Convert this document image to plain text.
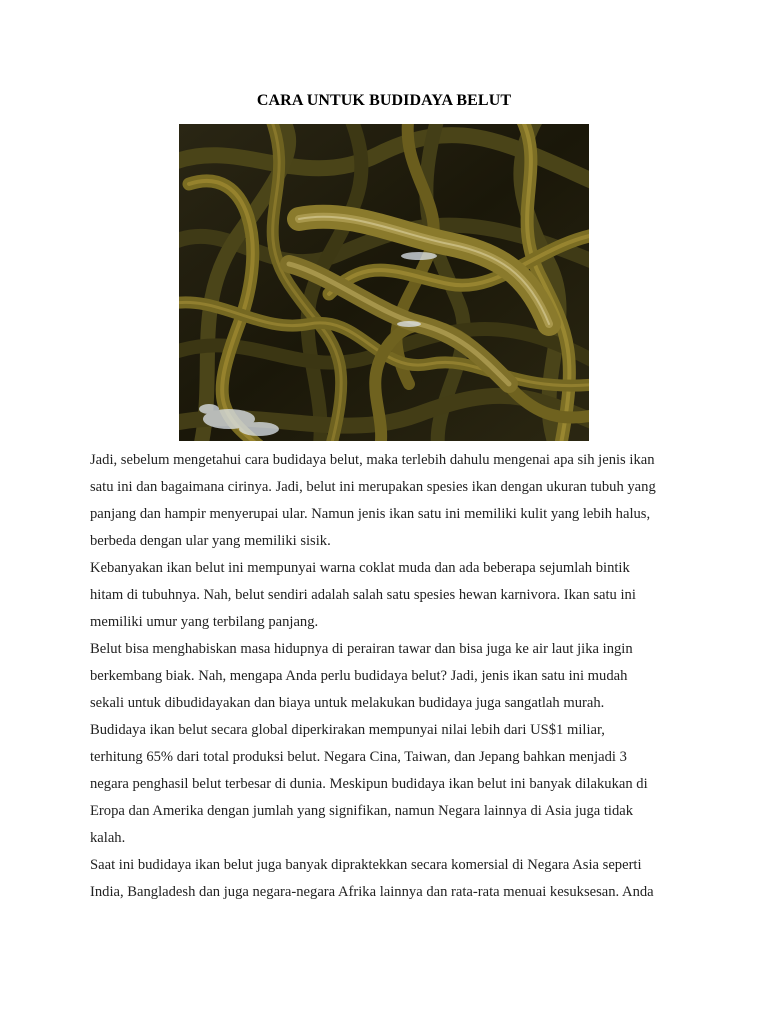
CARA UNTUK BUDIDAYA BELUT
Jadi, sebelum mengetahui cara budidaya belut, maka terlebih dahulu mengenai apa sih jenis ikan
satu ini dan bagaimana cirinya. Jadi, belut ini merupakan spesies ikan dengan ukuran tubuh yang
panjang dan hampir menyerupai ular. Namun jenis ikan satu ini memiliki kulit yang lebih halus,
berbeda dengan ular yang memiliki sisik.
Kebanyakan ikan belut ini mempunyai warna coklat muda dan ada beberapa sejumlah bintik
hitam di tubuhnya. Nah, belut sendiri adalah salah satu spesies hewan karnivora. Ikan satu ini
memiliki umur yang terbilang panjang.
Belut bisa menghabiskan masa hidupnya di perairan tawar dan bisa juga ke air laut jika ingin
berkembang biak. Nah, mengapa Anda perlu budidaya belut? Jadi, jenis ikan satu ini mudah
sekali untuk dibudidayakan dan biaya untuk melakukan budidaya juga sangatlah murah.
Budidaya ikan belut secara global diperkirakan mempunyai nilai lebih dari US$1 miliar,
terhitung 65% dari total produksi belut. Negara Cina, Taiwan, dan Jepang bahkan menjadi 3
negara penghasil belut terbesar di dunia. Meskipun budidaya ikan belut ini banyak dilakukan di
Eropa dan Amerika dengan jumlah yang signifikan, namun Negara lainnya di Asia juga tidak
kalah.
Saat ini budidaya ikan belut juga banyak dipraktekkan secara komersial di Negara Asia seperti
India, Bangladesh dan juga negara-negara Afrika lainnya dan rata-rata menuai kesuksesan. Anda
